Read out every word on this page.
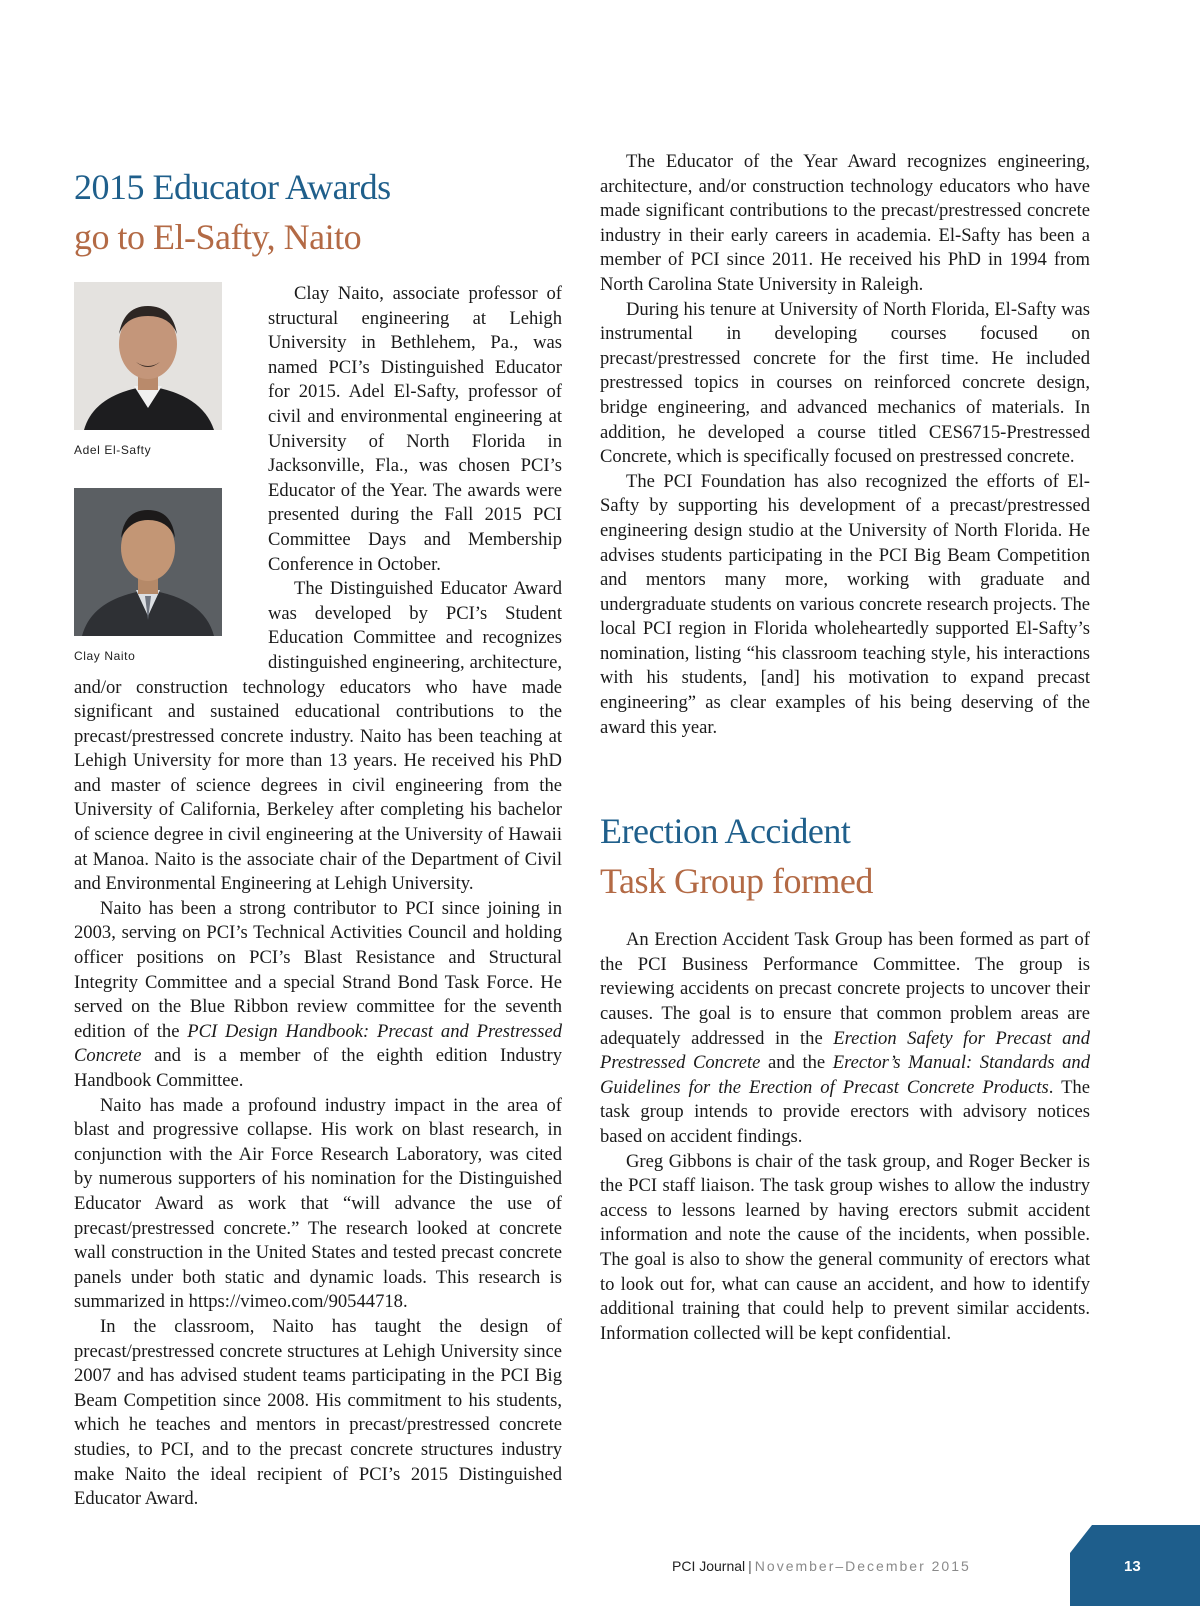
2015 Educator Awards
go to El-Safty, Naito
Adel El-Safty
Clay Naito

Clay Naito, associate professor of structural engineering at Lehigh University in Bethlehem, Pa., was named PCI’s Distinguished Educator for 2015. Adel El-Safty, professor of civil and environmental engineering at University of North Florida in Jacksonville, Fla., was chosen PCI’s Educator of the Year. The awards were presented during the Fall 2015 PCI Committee Days and Membership Conference in October.

The Distinguished Educator Award was developed by PCI’s Student Education Committee and recognizes distinguished engineering, architecture, and/or construction technology educators who have made significant and sustained educational contributions to the precast/prestressed concrete industry. Naito has been teaching at Lehigh University for more than 13 years. He received his PhD and master of science degrees in civil engineering from the University of California, Berkeley after completing his bachelor of science degree in civil engineering at the University of Hawaii at Manoa. Naito is the associate chair of the Department of Civil and Environmental Engineering at Lehigh University.

Naito has been a strong contributor to PCI since joining in 2003, serving on PCI’s Technical Activities Council and holding officer positions on PCI’s Blast Resistance and Structural Integrity Committee and a special Strand Bond Task Force. He served on the Blue Ribbon review committee for the seventh edition of the PCI Design Handbook: Precast and Prestressed Concrete and is a member of the eighth edition Industry Handbook Committee.

Naito has made a profound industry impact in the area of blast and progressive collapse. His work on blast research, in conjunction with the Air Force Research Laboratory, was cited by numerous supporters of his nomination for the Distinguished Educator Award as work that “will advance the use of precast/prestressed concrete.” The research looked at concrete wall construction in the United States and tested precast concrete panels under both static and dynamic loads. This research is summarized in https://vimeo.com/90544718.

In the classroom, Naito has taught the design of precast/prestressed concrete structures at Lehigh University since 2007 and has advised student teams participating in the PCI Big Beam Competition since 2008. His commitment to his students, which he teaches and mentors in precast/prestressed concrete studies, to PCI, and to the precast concrete structures industry make Naito the ideal recipient of PCI’s 2015 Distinguished Educator Award.

The Educator of the Year Award recognizes engineering, architecture, and/or construction technology educators who have made significant contributions to the precast/prestressed concrete industry in their early careers in academia. El-Safty has been a member of PCI since 2011. He received his PhD in 1994 from North Carolina State University in Raleigh.

During his tenure at University of North Florida, El-Safty was instrumental in developing courses focused on precast/prestressed concrete for the first time. He included prestressed topics in courses on reinforced concrete design, bridge engineering, and advanced mechanics of materials. In addition, he developed a course titled CES6715-Prestressed Concrete, which is specifically focused on prestressed concrete.

The PCI Foundation has also recognized the efforts of El-Safty by supporting his development of a precast/prestressed engineering design studio at the University of North Florida. He advises students participating in the PCI Big Beam Competition and mentors many more, working with graduate and undergraduate students on various concrete research projects. The local PCI region in Florida wholeheartedly supported El-Safty’s nomination, listing “his classroom teaching style, his interactions with his students, [and] his motivation to expand precast engineering” as clear examples of his being deserving of the award this year.

Erection Accident
Task Group formed

An Erection Accident Task Group has been formed as part of the PCI Business Performance Committee. The group is reviewing accidents on precast concrete projects to uncover their causes. The goal is to ensure that common problem areas are adequately addressed in the Erection Safety for Precast and Prestressed Concrete and the Erector’s Manual: Standards and Guidelines for the Erection of Precast Concrete Products. The task group intends to provide erectors with advisory notices based on accident findings.

Greg Gibbons is chair of the task group, and Roger Becker is the PCI staff liaison. The task group wishes to allow the industry access to lessons learned by having erectors submit accident information and note the cause of the incidents, when possible. The goal is also to show the general community of erectors what to look out for, what can cause an accident, and how to identify additional training that could help to prevent similar accidents. Information collected will be kept confidential.

PCI Journal | November–December 2015	13
